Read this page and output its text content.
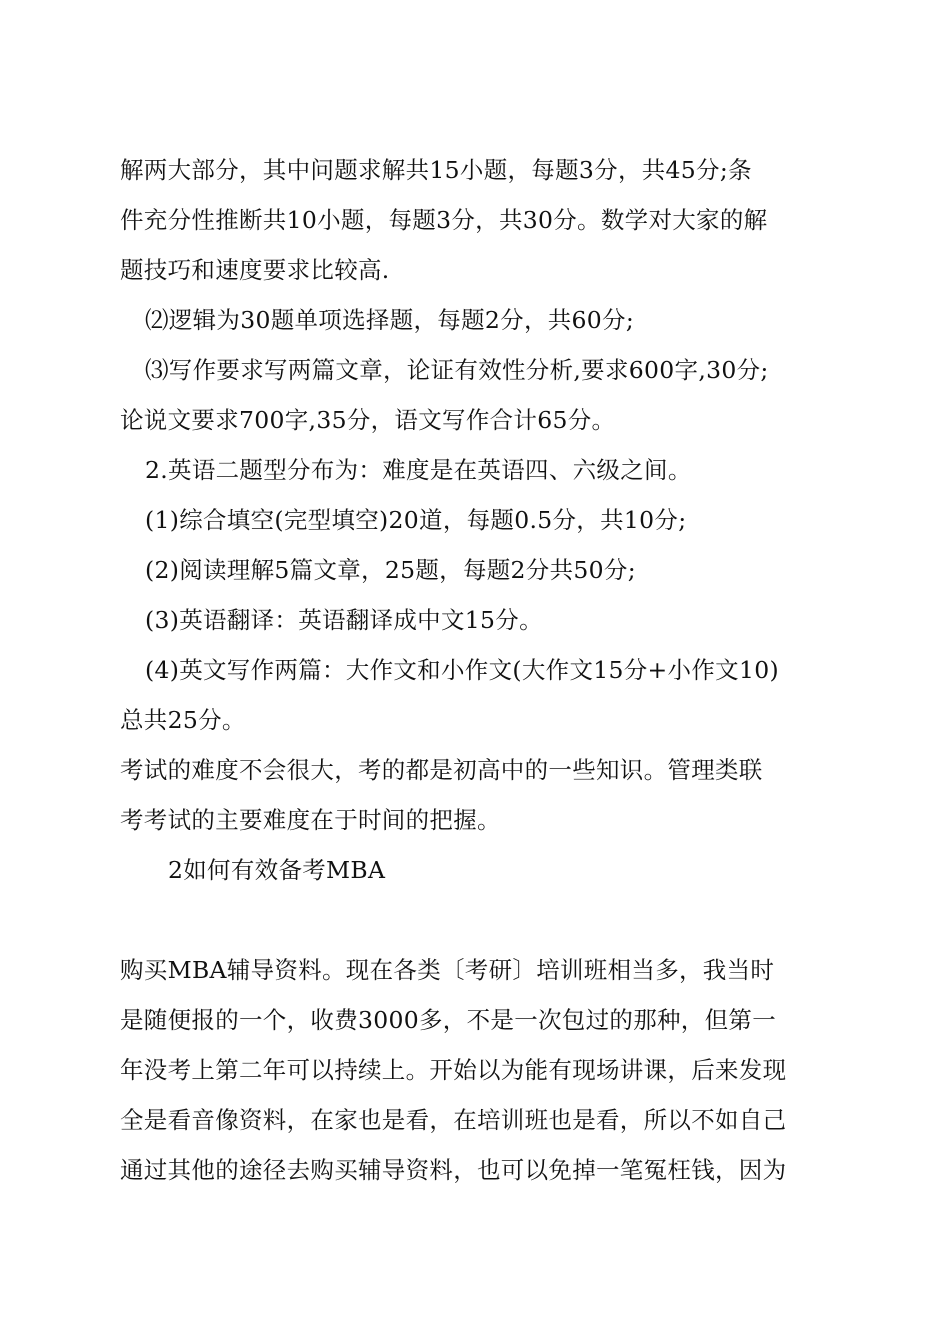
解两大部分，其中问题求解共15小题，每题3分，共45分;条
件充分性推断共10小题，每题3分，共30分。数学对大家的解
题技巧和速度要求比较高.
⑵逻辑为30题单项选择题，每题2分，共60分;
⑶写作要求写两篇文章，论证有效性分析,要求600字,30分;
论说文要求700字,35分，语文写作合计65分。
2.英语二题型分布为：难度是在英语四、六级之间。
(1)综合填空(完型填空)20道，每题0.5分，共10分;
(2)阅读理解5篇文章，25题，每题2分共50分;
(3)英语翻译：英语翻译成中文15分。
(4)英文写作两篇：大作文和小作文(大作文15分+小作文10)
总共25分。
考试的难度不会很大，考的都是初高中的一些知识。管理类联
考考试的主要难度在于时间的把握。
2如何有效备考MBA
购买MBA辅导资料。现在各类〔考研〕培训班相当多，我当时
是随便报的一个，收费3000多，不是一次包过的那种，但第一
年没考上第二年可以持续上。开始以为能有现场讲课，后来发现
全是看音像资料，在家也是看，在培训班也是看，所以不如自己
通过其他的途径去购买辅导资料，也可以免掉一笔冤枉钱，因为
